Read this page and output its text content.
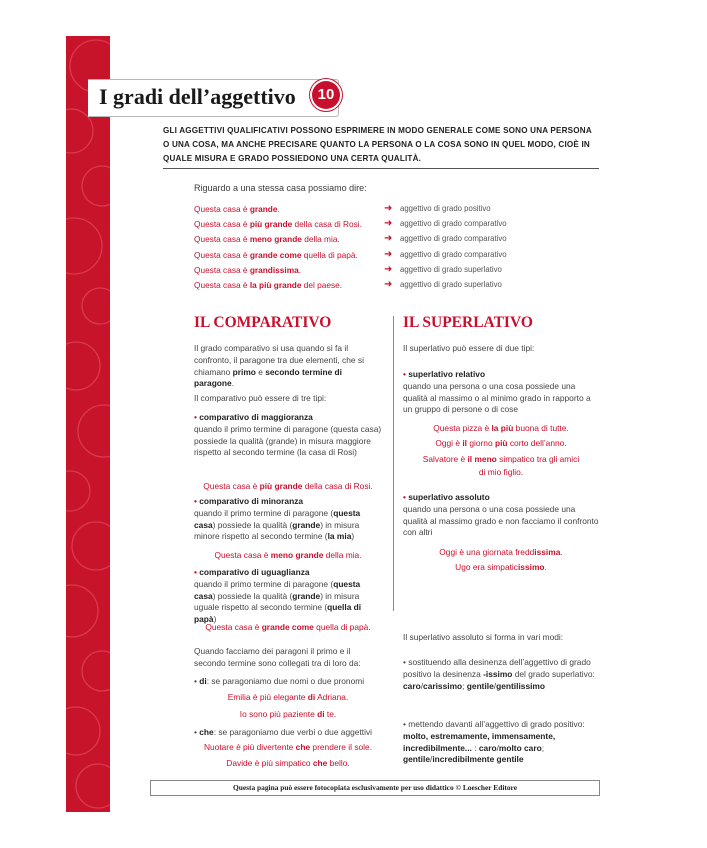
I gradi dell’aggettivo	10
GLI AGGETTIVI QUALIFICATIVI POSSONO ESPRIMERE IN MODO GENERALE COME SONO UNA PERSONA O UNA COSA, MA ANCHE PRECISARE QUANTO LA PERSONA O LA COSA SONO IN QUEL MODO, CIOÈ IN QUALE MISURA E GRADO POSSIEDONO UNA CERTA QUALITÀ.
Riguardo a una stessa casa possiamo dire:
Questa casa è grande.	➜ aggettivo di grado positivo
Questa casa è più grande della casa di Rosi. ➜ aggettivo di grado comparativo
Questa casa è meno grande della mia.	➜ aggettivo di grado comparativo
Questa casa è grande come quella di papà.	➜ aggettivo di grado comparativo
Questa casa è grandissima.	➜ aggettivo di grado superlativo
Questa casa è la più grande del paese.	➜ aggettivo di grado superlativo
IL COMPARATIVO	IL SUPERLATIVO
Il grado comparativo si usa quando si fa il confronto, il paragone tra due elementi, che si chiamano primo e secondo termine di paragone.
Il comparativo può essere di tre tipi:
• comparativo di maggioranza
quando il primo termine di paragone (questa casa) possiede la qualità (grande) in misura maggiore rispetto al secondo termine (la casa di Rosi)
Questa casa è più grande della casa di Rosi.
• comparativo di minoranza
quando il primo termine di paragone (questa casa) possiede la qualità (grande) in misura minore rispetto al secondo termine (la mia)
Questa casa è meno grande della mia.
• comparativo di uguaglianza
quando il primo termine di paragone (questa casa) possiede la qualità (grande) in misura uguale rispetto al secondo termine (quella di papà)
Questa casa è grande come quella di papà.
Quando facciamo dei paragoni il primo e il secondo termine sono collegati tra di loro da:
• di: se paragoniamo due nomi o due pronomi
Emilia è più elegante di Adriana.
Io sono più paziente di te.
• che: se paragoniamo due verbi o due aggettivi
Nuotare è più divertente che prendere il sole.
Davide è più simpatico che bello.
Il superlativo può essere di due tipi:
• superlativo relativo
quando una persona o una cosa possiede una qualità al massimo o al minimo grado in rapporto a un gruppo di persone o di cose
Questa pizza è la più buona di tutte.
Oggi è il giorno più corto dell’anno.
Salvatore è il meno simpatico tra gli amici
di mio figlio.
• superlativo assoluto
quando una persona o una cosa possiede una qualità al massimo grado e non facciamo il confronto con altri
Oggi è una giornata freddissima.
Ugo era simpaticissimo.
Il superlativo assoluto si forma in vari modi:
• sostituendo alla desinenza dell’aggettivo di grado positivo la desinenza -issimo del grado superlativo: caro/carissimo; gentile/gentilissimo
• mettendo davanti all’aggettivo di grado positivo: molto, estremamente, immensamente, incredibilmente... : caro/molto caro; gentile/incredibilmente gentile
Questa pagina può essere fotocopiata esclusivamente per uso didattico © Loescher Editore
